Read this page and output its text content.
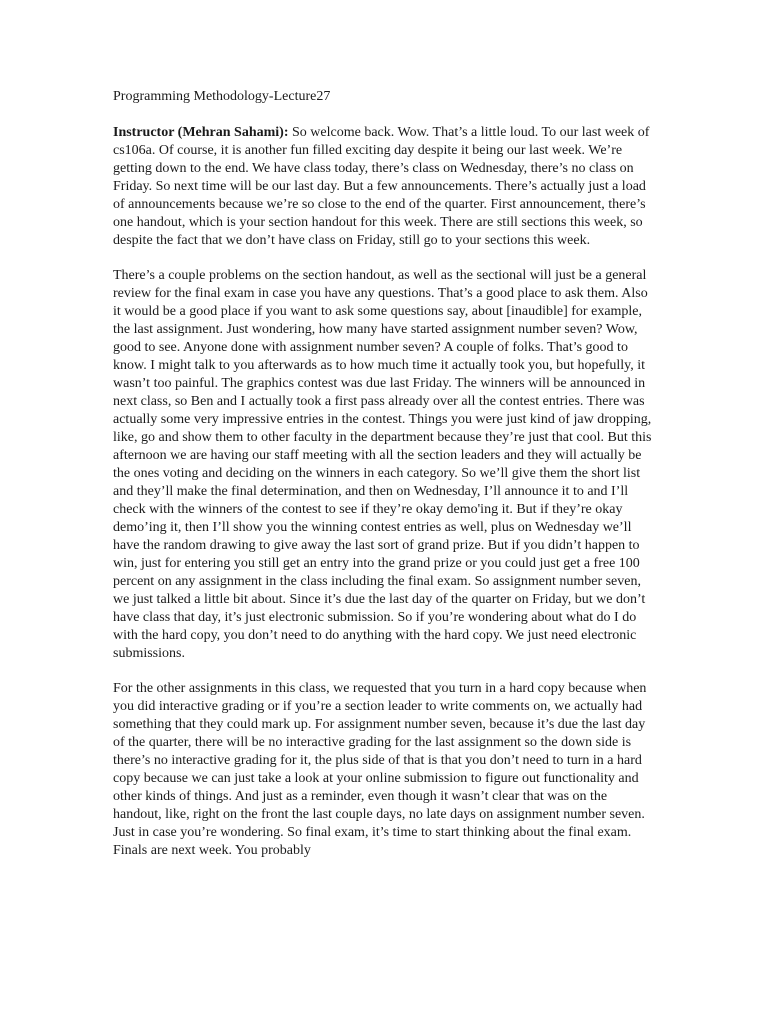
Programming Methodology-Lecture27

Instructor (Mehran Sahami): So welcome back. Wow. That’s a little loud. To our last week of cs106a. Of course, it is another fun filled exciting day despite it being our last week. We’re getting down to the end. We have class today, there’s class on Wednesday, there’s no class on Friday. So next time will be our last day. But a few announcements. There’s actually just a load of announcements because we’re so close to the end of the quarter. First announcement, there’s one handout, which is your section handout for this week. There are still sections this week, so despite the fact that we don’t have class on Friday, still go to your sections this week.

There’s a couple problems on the section handout, as well as the sectional will just be a general review for the final exam in case you have any questions. That’s a good place to ask them. Also it would be a good place if you want to ask some questions say, about [inaudible] for example, the last assignment. Just wondering, how many have started assignment number seven? Wow, good to see. Anyone done with assignment number seven? A couple of folks. That’s good to know. I might talk to you afterwards as to how much time it actually took you, but hopefully, it wasn’t too painful. The graphics contest was due last Friday. The winners will be announced in next class, so Ben and I actually took a first pass already over all the contest entries. There was actually some very impressive entries in the contest. Things you were just kind of jaw dropping, like, go and show them to other faculty in the department because they’re just that cool. But this afternoon we are having our staff meeting with all the section leaders and they will actually be the ones voting and deciding on the winners in each category. So we’ll give them the short list and they’ll make the final determination, and then on Wednesday, I’ll announce it to and I’ll check with the winners of the contest to see if they’re okay demo'ing it. But if they’re okay demo’ing it, then I’ll show you the winning contest entries as well, plus on Wednesday we’ll have the random drawing to give away the last sort of grand prize. But if you didn’t happen to win, just for entering you still get an entry into the grand prize or you could just get a free 100 percent on any assignment in the class including the final exam. So assignment number seven, we just talked a little bit about. Since it’s due the last day of the quarter on Friday, but we don’t have class that day, it’s just electronic submission. So if you’re wondering about what do I do with the hard copy, you don’t need to do anything with the hard copy. We just need electronic submissions.

For the other assignments in this class, we requested that you turn in a hard copy because when you did interactive grading or if you’re a section leader to write comments on, we actually had something that they could mark up. For assignment number seven, because it’s due the last day of the quarter, there will be no interactive grading for the last assignment so the down side is there’s no interactive grading for it, the plus side of that is that you don’t need to turn in a hard copy because we can just take a look at your online submission to figure out functionality and other kinds of things. And just as a reminder, even though it wasn’t clear that was on the handout, like, right on the front the last couple days, no late days on assignment number seven. Just in case you’re wondering. So final exam, it’s time to start thinking about the final exam. Finals are next week. You probably
